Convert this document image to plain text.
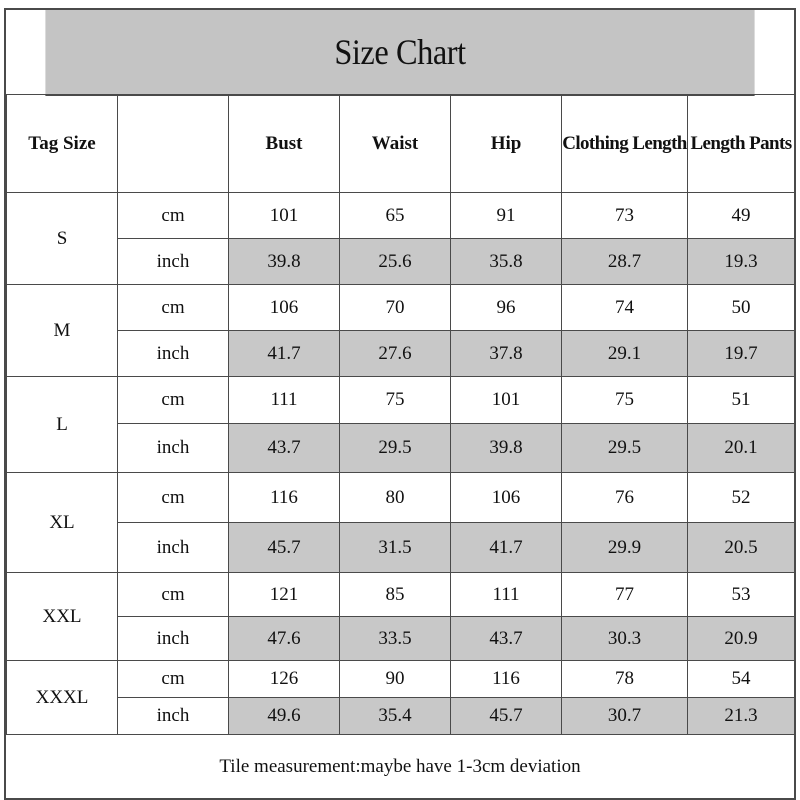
Size Chart
Tag Size		Bust	Waist	Hip	Clothing Length	Length Pants
S	cm	101	65	91	73	49
	inch	39.8	25.6	35.8	28.7	19.3
M	cm	106	70	96	74	50
	inch	41.7	27.6	37.8	29.1	19.7
L	cm	111	75	101	75	51
	inch	43.7	29.5	39.8	29.5	20.1
XL	cm	116	80	106	76	52
	inch	45.7	31.5	41.7	29.9	20.5
XXL	cm	121	85	111	77	53
	inch	47.6	33.5	43.7	30.3	20.9
XXXL	cm	126	90	116	78	54
	inch	49.6	35.4	45.7	30.7	21.3
Tile measurement:maybe have 1-3cm deviation
